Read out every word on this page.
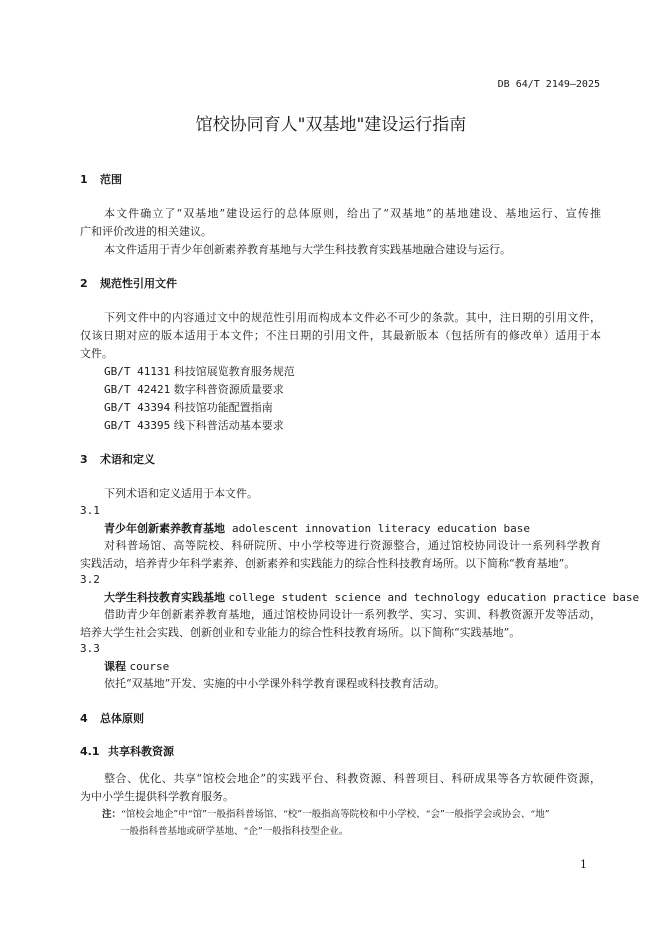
DB 64/T 2149—2025
馆校协同育人"双基地"建设运行指南
1 范围
本文件确立了“双基地”建设运行的总体原则，给出了“双基地”的基地建设、基地运行、宣传推
广和评价改进的相关建议。
本文件适用于青少年创新素养教育基地与大学生科技教育实践基地融合建设与运行。
2 规范性引用文件
下列文件中的内容通过文中的规范性引用而构成本文件必不可少的条款。其中，注日期的引用文件，
仅该日期对应的版本适用于本文件；不注日期的引用文件，其最新版本（包括所有的修改单）适用于本
文件。
GB/T 41131 科技馆展览教育服务规范
GB/T 42421 数字科普资源质量要求
GB/T 43394 科技馆功能配置指南
GB/T 43395 线下科普活动基本要求
3 术语和定义
下列术语和定义适用于本文件。
3.1
青少年创新素养教育基地 adolescent innovation literacy education base
对科普场馆、高等院校、科研院所、中小学校等进行资源整合，通过馆校协同设计一系列科学教育
实践活动，培养青少年科学素养、创新素养和实践能力的综合性科技教育场所。以下简称“教育基地”。
3.2
大学生科技教育实践基地 college student science and technology education practice base
借助青少年创新素养教育基地，通过馆校协同设计一系列教学、实习、实训、科教资源开发等活动，
培养大学生社会实践、创新创业和专业能力的综合性科技教育场所。以下简称“实践基地”。
3.3
课程 course
依托“双基地”开发、实施的中小学课外科学教育课程或科技教育活动。
4 总体原则
4.1 共享科教资源
整合、优化、共享“馆校会地企”的实践平台、科教资源、科普项目、科研成果等各方软硬件资源，
为中小学生提供科学教育服务。
注：“馆校会地企”中“馆”一般指科普场馆、“校”一般指高等院校和中小学校、“会”一般指学会或协会、“地”
一般指科普基地或研学基地、“企”一般指科技型企业。
1
